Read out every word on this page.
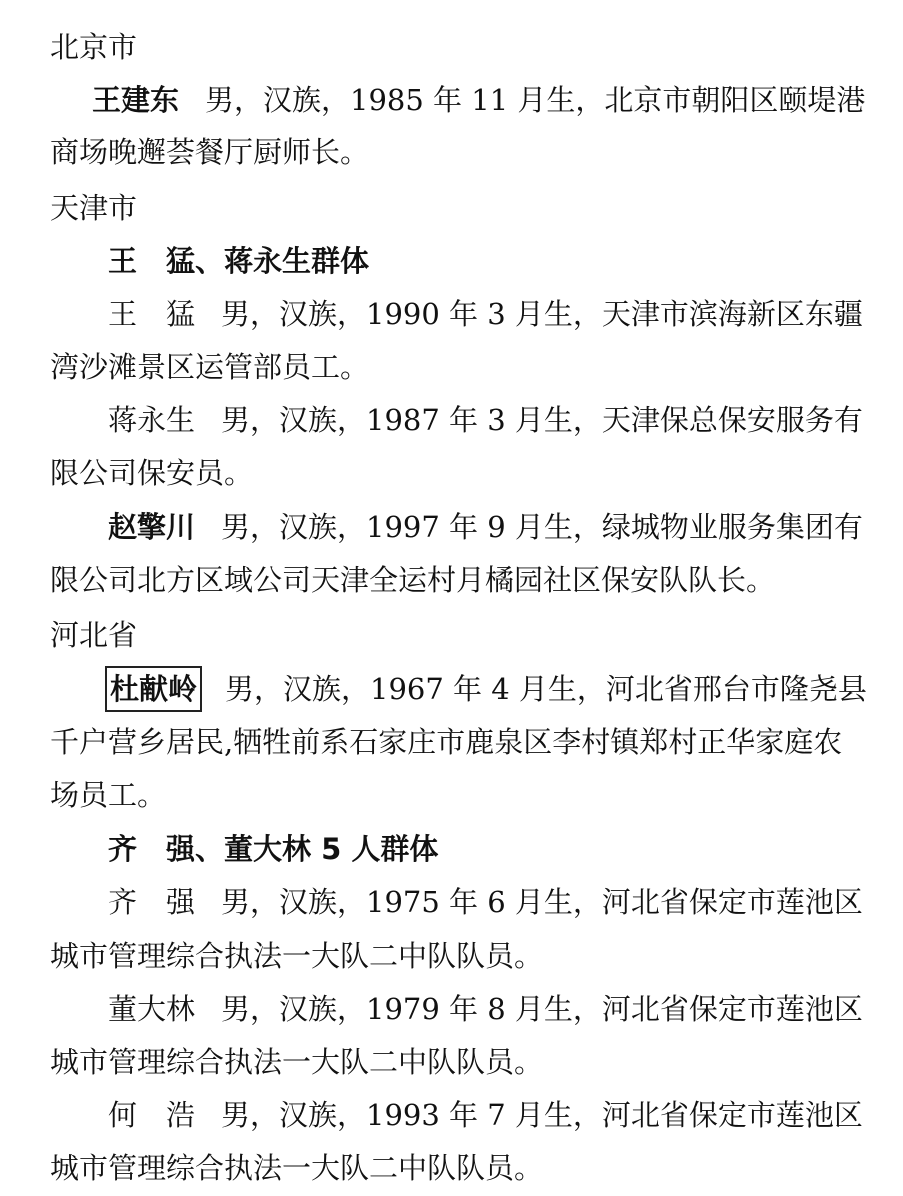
北京市
王建东 男，汉族，1985 年 11 月生，北京市朝阳区颐堤港
商场晚邂荟餐厅厨师长。
天津市
王　猛、蒋永生群体
王　猛 男，汉族，1990 年 3 月生，天津市滨海新区东疆
湾沙滩景区运管部员工。
蒋永生 男，汉族，1987 年 3 月生，天津保总保安服务有
限公司保安员。
赵擎川 男，汉族，1997 年 9 月生，绿城物业服务集团有
限公司北方区域公司天津全运村月橘园社区保安队队长。
河北省
杜献岭 男，汉族，1967 年 4 月生，河北省邢台市隆尧县
千户营乡居民,牺牲前系石家庄市鹿泉区李村镇郑村正华家庭农
场员工。
齐　强、董大林 5 人群体
齐　强 男，汉族，1975 年 6 月生，河北省保定市莲池区
城市管理综合执法一大队二中队队员。
董大林 男，汉族，1979 年 8 月生，河北省保定市莲池区
城市管理综合执法一大队二中队队员。
何　浩 男，汉族，1993 年 7 月生，河北省保定市莲池区
城市管理综合执法一大队二中队队员。
